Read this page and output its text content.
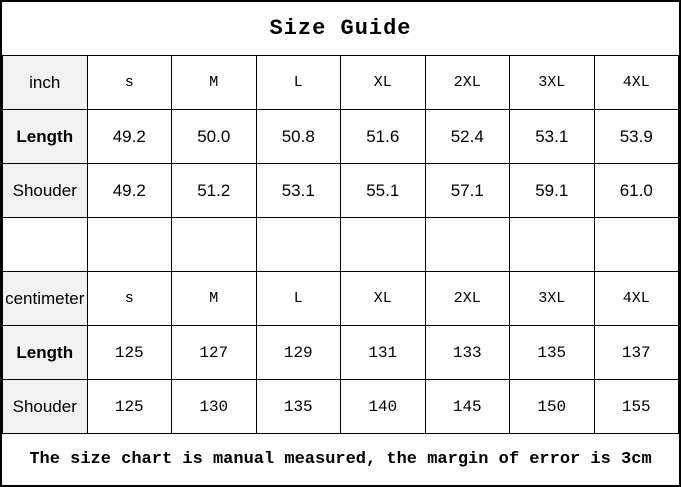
Size Guide
inch	s	M	L	XL	2XL	3XL	4XL
Length	49.2	50.0	50.8	51.6	52.4	53.1	53.9
Shouder	49.2	51.2	53.1	55.1	57.1	59.1	61.0

centimeter	s	M	L	XL	2XL	3XL	4XL
Length	125	127	129	131	133	135	137
Shouder	125	130	135	140	145	150	155
The size chart is manual measured, the margin of error is 3cm
